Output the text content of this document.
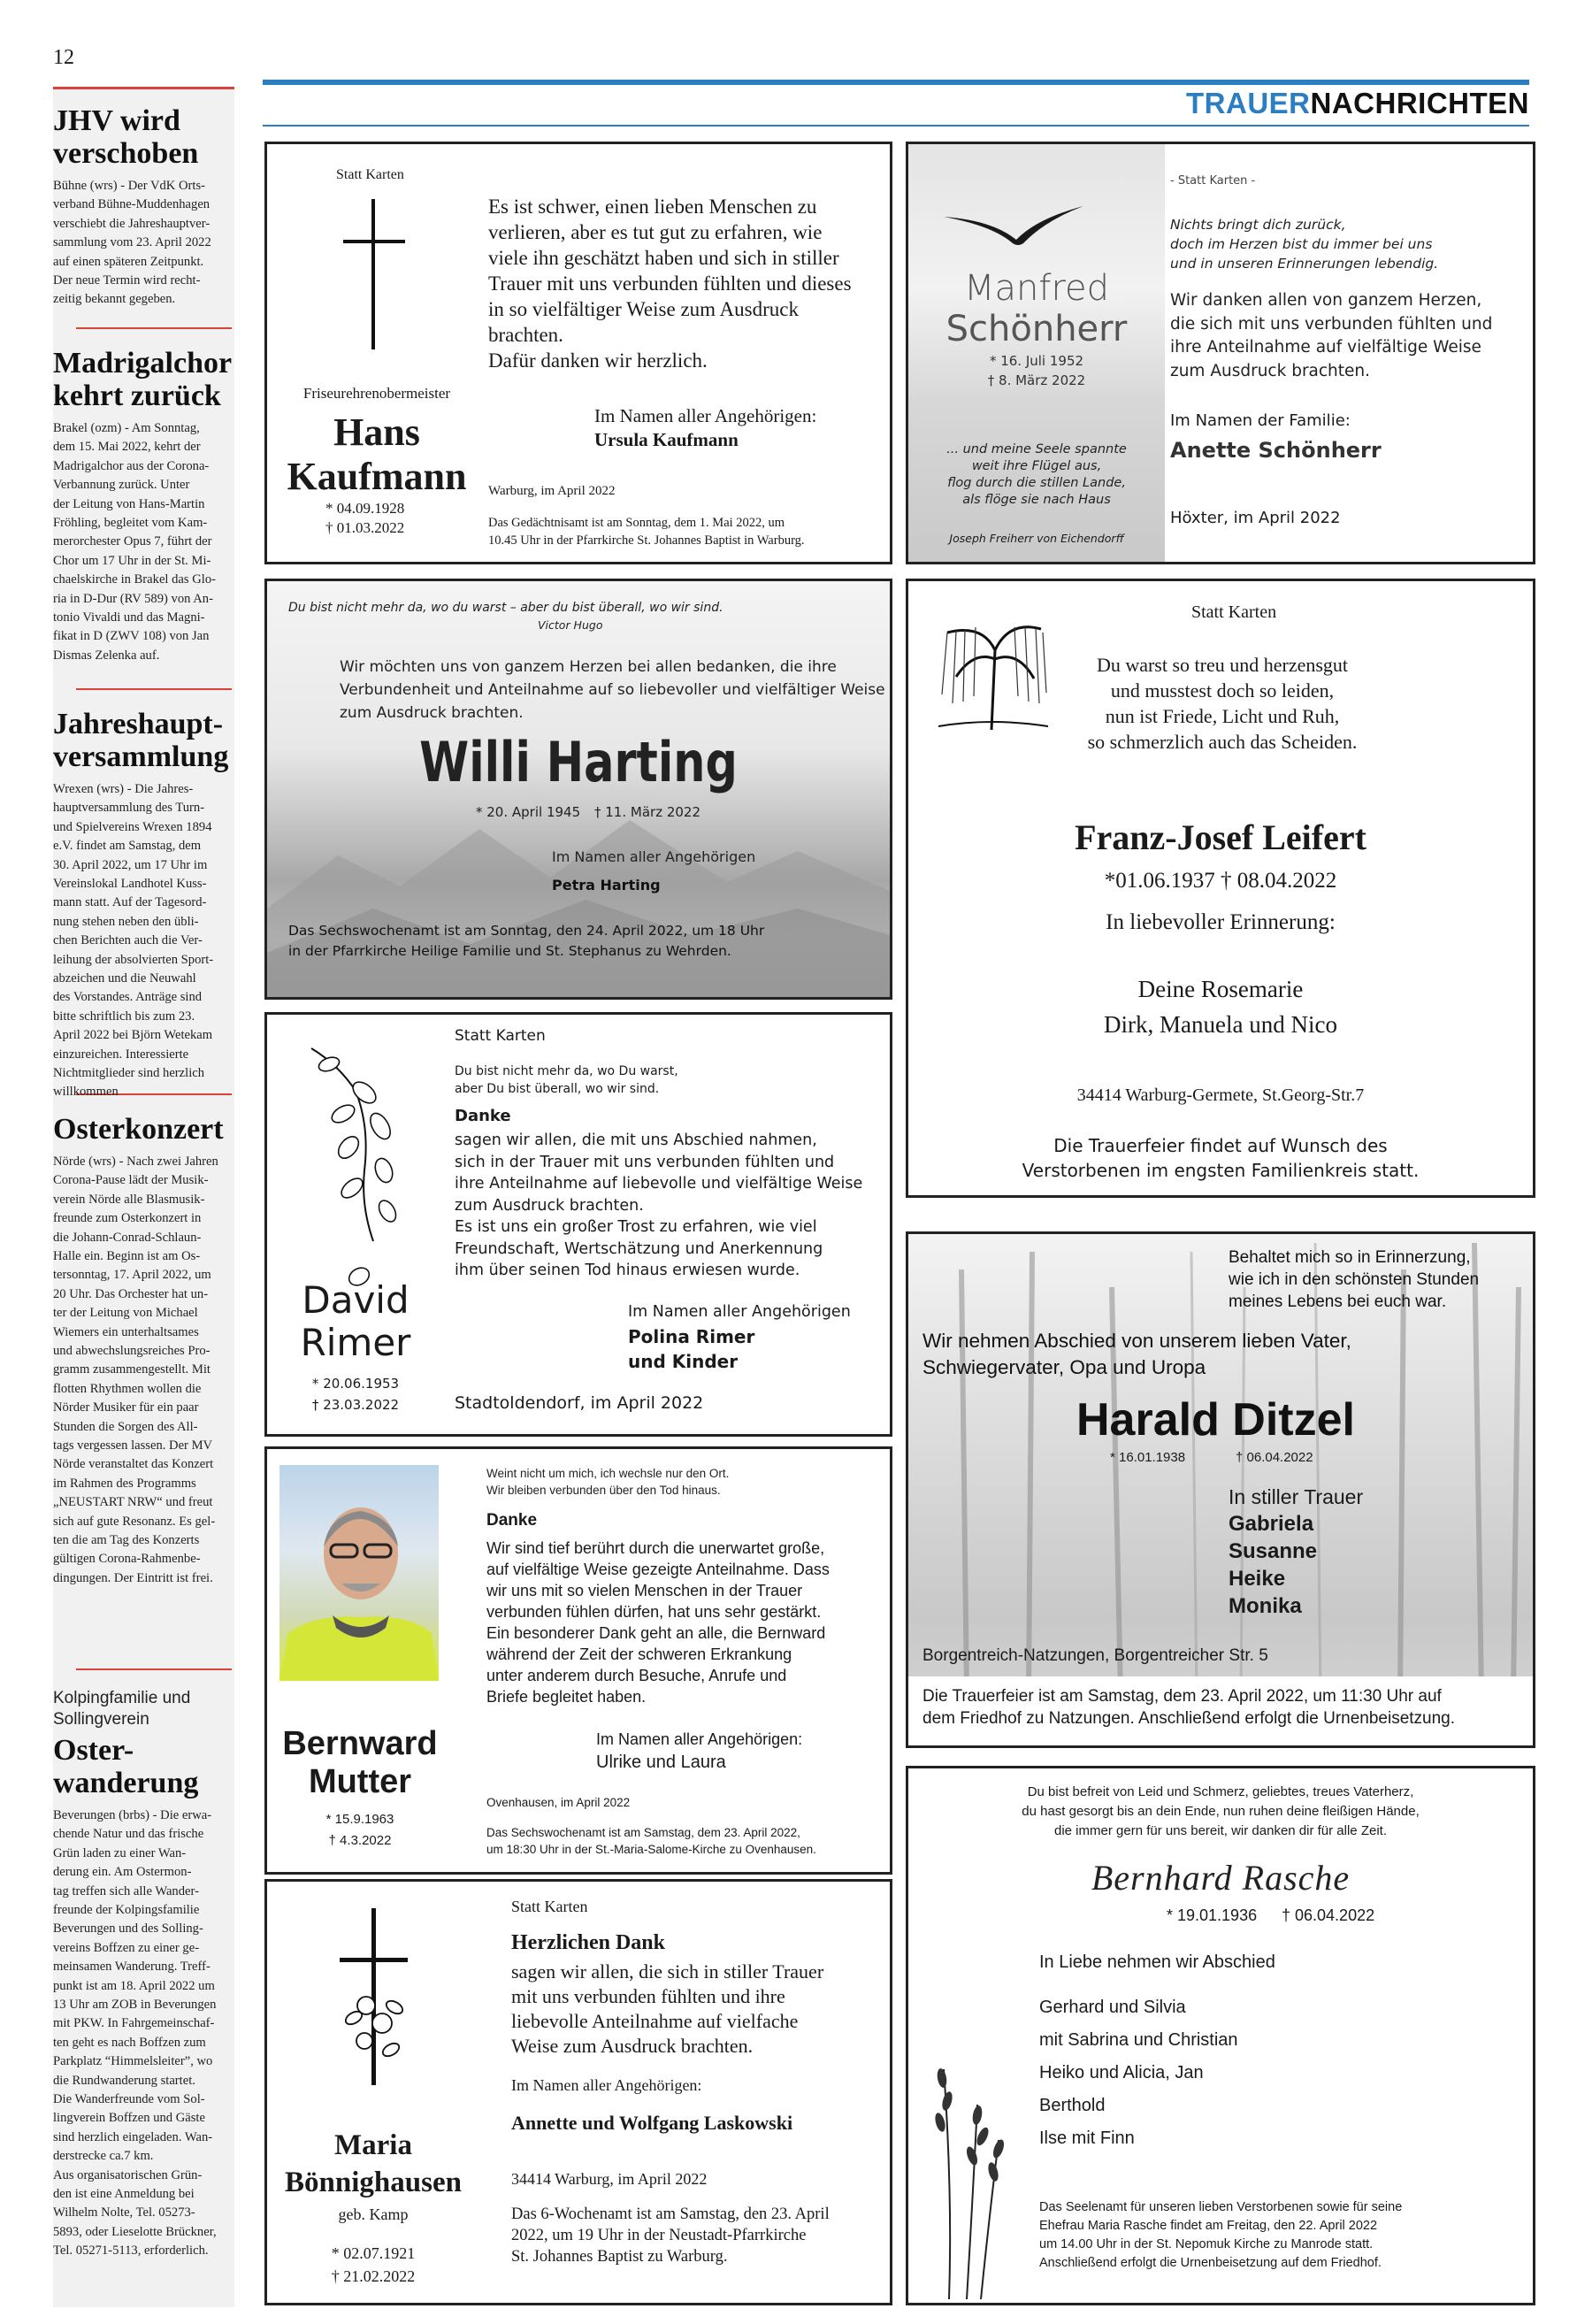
12
TRAUERNACHRICHTEN
JHV wird
verschoben
Bühne (wrs) - Der VdK Orts-
verband Bühne-Muddenhagen
verschiebt die Jahreshauptver-
sammlung vom 23. April 2022
auf einen späteren Zeitpunkt.
Der neue Termin wird recht-
zeitig bekannt gegeben.
Madrigalchor
kehrt zurück
Brakel (ozm) - Am Sonntag,
dem 15. Mai 2022, kehrt der
Madrigalchor aus der Corona-
Verbannung zurück. Unter
der Leitung von Hans-Martin
Fröhling, begleitet vom Kam-
merorchester Opus 7, führt der
Chor um 17 Uhr in der St. Mi-
chaelskirche in Brakel das Glo-
ria in D-Dur (RV 589) von An-
tonio Vivaldi und das Magni-
fikat in D (ZWV 108) von Jan
Dismas Zelenka auf.
Jahreshaupt-
versammlung
Wrexen (wrs) - Die Jahres-
hauptversammlung des Turn-
und Spielvereins Wrexen 1894
e.V. findet am Samstag, dem
30. April 2022, um 17 Uhr im
Vereinslokal Landhotel Kuss-
mann statt. Auf der Tagesord-
nung stehen neben den übli-
chen Berichten auch die Ver-
leihung der absolvierten Sport-
abzeichen und die Neuwahl
des Vorstandes. Anträge sind
bitte schriftlich bis zum 23.
April 2022 bei Björn Wetekam
einzureichen. Interessierte
Nichtmitglieder sind herzlich
willkommen
Osterkonzert
Nörde (wrs) - Nach zwei Jahren
Corona-Pause lädt der Musik-
verein Nörde alle Blasmusik-
freunde zum Osterkonzert in
die Johann-Conrad-Schlaun-
Halle ein. Beginn ist am Os-
tersonntag, 17. April 2022, um
20 Uhr. Das Orchester hat un-
ter der Leitung von Michael
Wiemers ein unterhaltsames
und abwechslungsreiches Pro-
gramm zusammengestellt. Mit
flotten Rhythmen wollen die
Nörder Musiker für ein paar
Stunden die Sorgen des All-
tags vergessen lassen. Der MV
Nörde veranstaltet das Konzert
im Rahmen des Programms
„NEUSTART NRW“ und freut
sich auf gute Resonanz. Es gel-
ten die am Tag des Konzerts
gültigen Corona-Rahmenbe-
dingungen. Der Eintritt ist frei.
Kolpingfamilie und
Sollingverein
Oster-
wanderung
Beverungen (brbs) - Die erwa-
chende Natur und das frische
Grün laden zu einer Wan-
derung ein. Am Ostermon-
tag treffen sich alle Wander-
freunde der Kolpingsfamilie
Beverungen und des Solling-
vereins Boffzen zu einer ge-
meinsamen Wanderung. Treff-
punkt ist am 18. April 2022 um
13 Uhr am ZOB in Beverungen
mit PKW. In Fahrgemeinschaf-
ten geht es nach Boffzen zum
Parkplatz “Himmelsleiter”, wo
die Rundwanderung startet.
Die Wanderfreunde vom Sol-
lingverein Boffzen und Gäste
sind herzlich eingeladen. Wan-
derstrecke ca.7 km.
Aus organisatorischen Grün-
den ist eine Anmeldung bei
Wilhelm Nolte, Tel. 05273-
5893, oder Lieselotte Brückner,
Tel. 05271-5113, erforderlich.
Statt Karten
Friseurehrenobermeister
Hans
Kaufmann
* 04.09.1928
† 01.03.2022
Es ist schwer, einen lieben Menschen zu
verlieren, aber es tut gut zu erfahren, wie
viele ihn geschätzt haben und sich in stiller
Trauer mit uns verbunden fühlten und dieses
in so vielfältiger Weise zum Ausdruck
brachten.
Dafür danken wir herzlich.
Im Namen aller Angehörigen:
Ursula Kaufmann
Warburg, im April 2022
Das Gedächtnisamt ist am Sonntag, dem 1. Mai 2022, um
10.45 Uhr in der Pfarrkirche St. Johannes Baptist in Warburg.
Manfred
Schönherr
* 16. Juli 1952
† 8. März 2022
... und meine Seele spannte
weit ihre Flügel aus,
flog durch die stillen Lande,
als flöge sie nach Haus
Joseph Freiherr von Eichendorff
- Statt Karten -
Nichts bringt dich zurück,
doch im Herzen bist du immer bei uns
und in unseren Erinnerungen lebendig.
Wir danken allen von ganzem Herzen,
die sich mit uns verbunden fühlten und
ihre Anteilnahme auf vielfältige Weise
zum Ausdruck brachten.
Im Namen der Familie:
Anette Schönherr
Höxter, im April 2022
Du bist nicht mehr da, wo du warst – aber du bist überall, wo wir sind.
Victor Hugo
Wir möchten uns von ganzem Herzen bei allen bedanken, die ihre
Verbundenheit und Anteilnahme auf so liebevoller und vielfältiger Weise
zum Ausdruck brachten.
Willi Harting
* 20. April 1945 † 11. März 2022
Im Namen aller Angehörigen
Petra Harting
Das Sechswochenamt ist am Sonntag, den 24. April 2022, um 18 Uhr
in der Pfarrkirche Heilige Familie und St. Stephanus zu Wehrden.
Statt Karten
Du warst so treu und herzensgut
und musstest doch so leiden,
nun ist Friede, Licht und Ruh,
so schmerzlich auch das Scheiden.
Franz-Josef Leifert
*01.06.1937 † 08.04.2022
In liebevoller Erinnerung:
Deine Rosemarie
Dirk, Manuela und Nico
34414 Warburg-Germete, St.Georg-Str.7
Die Trauerfeier findet auf Wunsch des
Verstorbenen im engsten Familienkreis statt.
Statt Karten
Du bist nicht mehr da, wo Du warst,
aber Du bist überall, wo wir sind.
Danke
sagen wir allen, die mit uns Abschied nahmen,
sich in der Trauer mit uns verbunden fühlten und
ihre Anteilnahme auf liebevolle und vielfältige Weise
zum Ausdruck brachten.
Es ist uns ein großer Trost zu erfahren, wie viel
Freundschaft, Wertschätzung und Anerkennung
ihm über seinen Tod hinaus erwiesen wurde.
Im Namen aller Angehörigen
Polina Rimer
und Kinder
Stadtoldendorf, im April 2022
David
Rimer
* 20.06.1953
† 23.03.2022
Behaltet mich so in Erinnerzung,
wie ich in den schönsten Stunden
meines Lebens bei euch war.
Wir nehmen Abschied von unserem lieben Vater,
Schwiegervater, Opa und Uropa
Harald Ditzel
* 16.01.1938	† 06.04.2022
In stiller Trauer
Gabriela
Susanne
Heike
Monika
Borgentreich-Natzungen, Borgentreicher Str. 5
Die Trauerfeier ist am Samstag, dem 23. April 2022, um 11:30 Uhr auf
dem Friedhof zu Natzungen. Anschließend erfolgt die Urnenbeisetzung.
Bernward
Mutter
* 15.9.1963
† 4.3.2022
Weint nicht um mich, ich wechsle nur den Ort.
Wir bleiben verbunden über den Tod hinaus.
Danke
Wir sind tief berührt durch die unerwartet große,
auf vielfältige Weise gezeigte Anteilnahme. Dass
wir uns mit so vielen Menschen in der Trauer
verbunden fühlen dürfen, hat uns sehr gestärkt.
Ein besonderer Dank geht an alle, die Bernward
während der Zeit der schweren Erkrankung
unter anderem durch Besuche, Anrufe und
Briefe begleitet haben.
Im Namen aller Angehörigen:
Ulrike und Laura
Ovenhausen, im April 2022
Das Sechswochenamt ist am Samstag, dem 23. April 2022,
um 18:30 Uhr in der St.-Maria-Salome-Kirche zu Ovenhausen.
Du bist befreit von Leid und Schmerz, geliebtes, treues Vaterherz,
du hast gesorgt bis an dein Ende, nun ruhen deine fleißigen Hände,
die immer gern für uns bereit, wir danken dir für alle Zeit.
Bernhard Rasche
* 19.01.1936 † 06.04.2022
In Liebe nehmen wir Abschied
Gerhard und Silvia
mit Sabrina und Christian
Heiko und Alicia, Jan
Berthold
Ilse mit Finn
Das Seelenamt für unseren lieben Verstorbenen sowie für seine
Ehefrau Maria Rasche findet am Freitag, den 22. April 2022
um 14.00 Uhr in der St. Nepomuk Kirche zu Manrode statt.
Anschließend erfolgt die Urnenbeisetzung auf dem Friedhof.
Maria
Bönnighausen
geb. Kamp
* 02.07.1921
† 21.02.2022
Statt Karten
Herzlichen Dank
sagen wir allen, die sich in stiller Trauer
mit uns verbunden fühlten und ihre
liebevolle Anteilnahme auf vielfache
Weise zum Ausdruck brachten.
Im Namen aller Angehörigen:
Annette und Wolfgang Laskowski
34414 Warburg, im April 2022
Das 6-Wochenamt ist am Samstag, den 23. April
2022, um 19 Uhr in der Neustadt-Pfarrkirche
St. Johannes Baptist zu Warburg.
